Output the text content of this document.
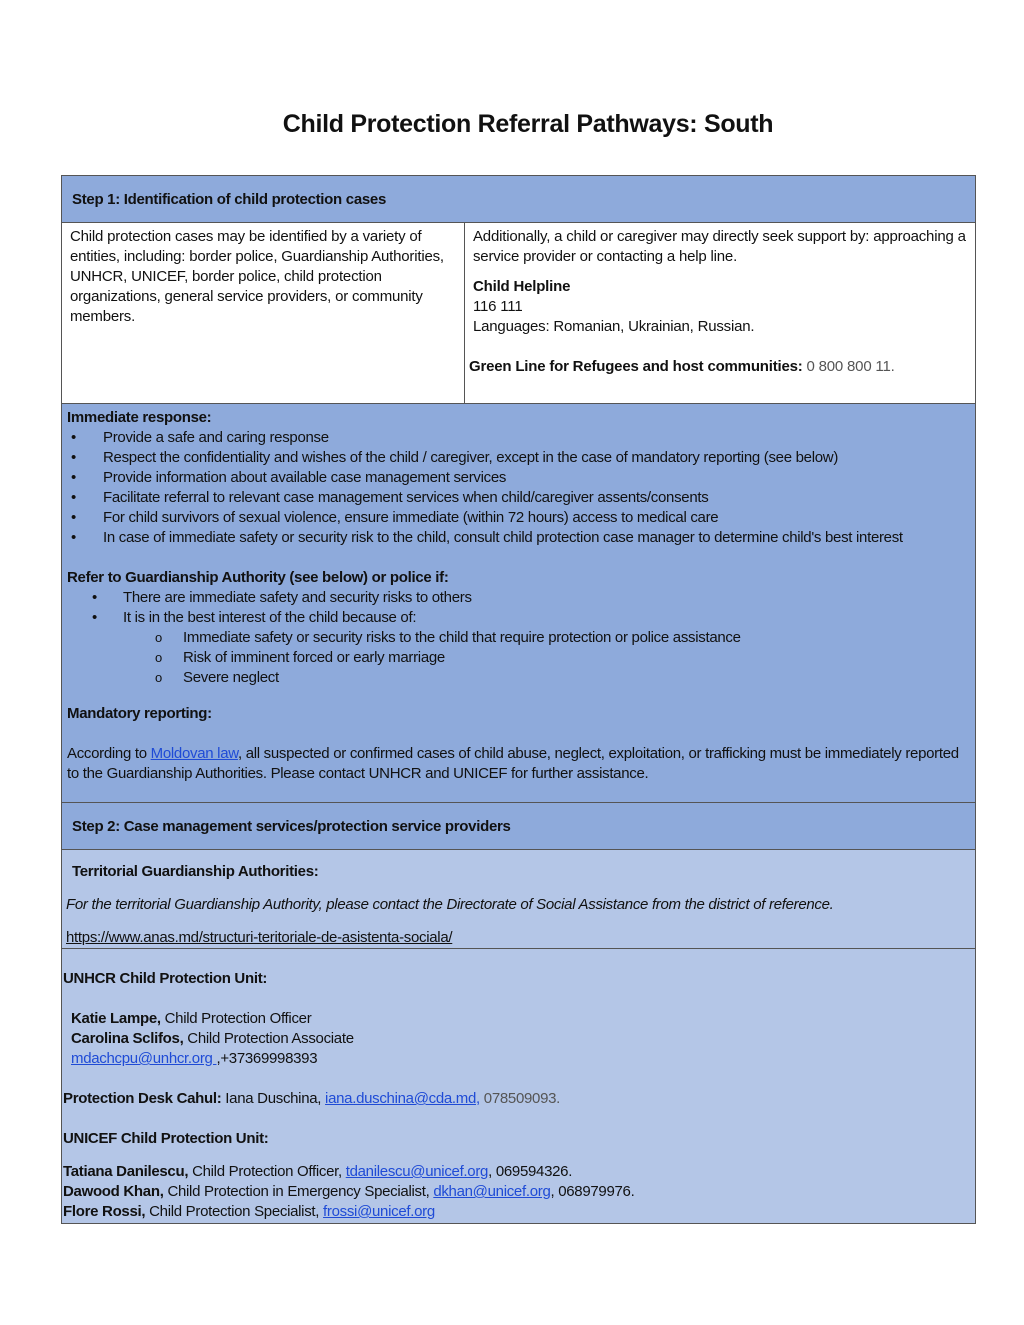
Child Protection Referral Pathways: South
Step 1: Identification of child protection cases
Child protection cases may be identified by a variety of entities, including: border police, Guardianship Authorities, UNHCR, UNICEF, border police, child protection organizations, general service providers, or community members.
Additionally, a child or caregiver may directly seek support by: approaching a service provider or contacting a help line.
Child Helpline
116 111
Languages: Romanian, Ukrainian, Russian.
Green Line for Refugees and host communities: 0 800 800 11.
Immediate response:
• Provide a safe and caring response
• Respect the confidentiality and wishes of the child / caregiver, except in the case of mandatory reporting (see below)
• Provide information about available case management services
• Facilitate referral to relevant case management services when child/caregiver assents/consents
• For child survivors of sexual violence, ensure immediate (within 72 hours) access to medical care
• In case of immediate safety or security risk to the child, consult child protection case manager to determine child's best interest
Refer to Guardianship Authority (see below) or police if:
• There are immediate safety and security risks to others
• It is in the best interest of the child because of:
o Immediate safety or security risks to the child that require protection or police assistance
o Risk of imminent forced or early marriage
o Severe neglect
Mandatory reporting:
According to Moldovan law, all suspected or confirmed cases of child abuse, neglect, exploitation, or trafficking must be immediately reported to the Guardianship Authorities. Please contact UNHCR and UNICEF for further assistance.
Step 2: Case management services/protection service providers
Territorial Guardianship Authorities:
For the territorial Guardianship Authority, please contact the Directorate of Social Assistance from the district of reference.
https://www.anas.md/structuri-teritoriale-de-asistenta-sociala/
UNHCR Child Protection Unit:
Katie Lampe, Child Protection Officer
Carolina Sclifos, Child Protection Associate
mdachcpu@unhcr.org ,+37369998393
Protection Desk Cahul: Iana Duschina, iana.duschina@cda.md, 078509093.
UNICEF Child Protection Unit:
Tatiana Danilescu, Child Protection Officer, tdanilescu@unicef.org, 069594326.
Dawood Khan, Child Protection in Emergency Specialist, dkhan@unicef.org, 068979976.
Flore Rossi, Child Protection Specialist, frossi@unicef.org
